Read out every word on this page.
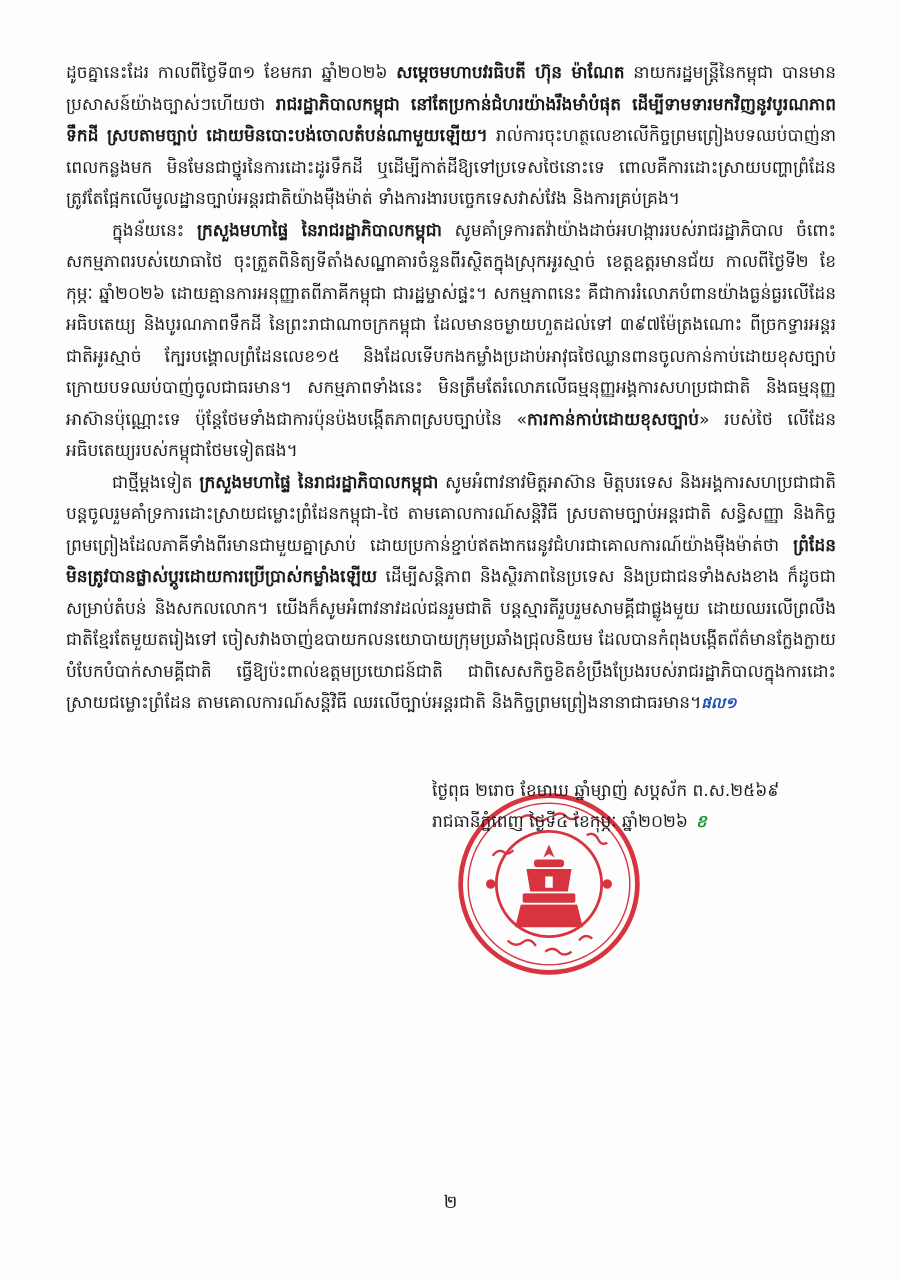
ដូចគ្នានេះដែរ កាលពីថ្ងៃទី៣១ ខែមករា ឆ្នាំ២០២៦ សម្តេចមហាបវរធិបតី ហ៊ុន ម៉ាណែត នាយករដ្ឋមន្ត្រីនៃកម្ពុជា បានមានប្រសាសន៍យ៉ាងច្បាស់ៗហើយថា រាជរដ្ឋាភិបាលកម្ពុជា នៅតែប្រកាន់ជំហរយ៉ាងរឹងមាំបំផុត ដើម្បីទាមទារមកវិញនូវបូរណភាពទឹកដី ស្របតាមច្បាប់ ដោយមិនបោះបង់ចោលតំបន់ណាមួយឡើយ។ រាល់ការចុះហត្ថលេខាលើកិច្ចព្រមព្រៀងបទឈប់បាញ់នាពេលកន្លងមក មិនមែនជាថ្នូរនៃការដោះដូរទឹកដី ឬដើម្បីកាត់ដីឱ្យទៅប្រទេសថៃនោះទេ ពោលគឺការដោះស្រាយបញ្ហាព្រំដែន ត្រូវតែផ្អែកលើមូលដ្ឋានច្បាប់អន្តរជាតិយ៉ាងម៉ឺងម៉ាត់ ទាំងការងារបច្ចេកទេសវាស់វែង និងការគ្រប់គ្រង។

ក្នុងន័យនេះ ក្រសួងមហាផ្ទៃ នៃរាជរដ្ឋាភិបាលកម្ពុជា សូមគាំទ្រការតវ៉ាយ៉ាងដាច់អហង្ការរបស់រាជរដ្ឋាភិបាល ចំពោះសកម្មភាពរបស់យោធាថៃ ចុះត្រួតពិនិត្យទីតាំងសណ្ឋាគារចំនួនពីរស្ថិតក្នុងស្រុកអូរស្មាច់ ខេត្តឧត្តរមានជ័យ កាលពីថ្ងៃទី២ ខែកុម្ភៈ ឆ្នាំ២០២៦ ដោយគ្មានការអនុញ្ញាតពីភាគីកម្ពុជា ជារដ្ឋម្ចាស់ផ្ទះ។ សកម្មភាពនេះ គឺជាការរំលោភបំពានយ៉ាងធ្ងន់ធ្ងរលើដែនអធិបតេយ្យ និងបូរណភាពទឹកដី នៃព្រះរាជាណាចក្រកម្ពុជា ដែលមានចម្ងាយហួតដល់ទៅ ៣៩៧ម៉ែត្រងណោះ ពីច្រកទ្វារអន្តរជាតិអូរស្មាច់ ក្បែរបង្គោលព្រំដែនលេខ១៥ និងដែលទើបកងកម្លាំងប្រដាប់អាវុធថៃឈ្លានពានចូលកាន់កាប់ដោយខុសច្បាប់ ក្រោយបទឈប់បាញ់ចូលជាធរមាន។ សកម្មភាពទាំងនេះ មិនត្រឹមតែរំលោភលើធម្មនុញ្ញអង្គការសហប្រជាជាតិ និងធម្មនុញ្ញអាស៊ានប៉ុណ្ណោះទេ ប៉ុន្តែថែមទាំងជាការប៉ុនប៉ងបង្កើតភាពស្របច្បាប់នៃ «ការកាន់កាប់ដោយខុសច្បាប់» របស់ថៃ លើដែនអធិបតេយ្យរបស់កម្ពុជាថែមទៀតផង។

ជាថ្មីម្តងទៀត ក្រសួងមហាផ្ទៃ នៃរាជរដ្ឋាភិបាលកម្ពុជា សូមអំពាវនាវមិត្តអាស៊ាន មិត្តបរទេស និងអង្គការសហប្រជាជាតិ បន្តចូលរួមគាំទ្រការដោះស្រាយជម្លោះព្រំដែនកម្ពុជា-ថៃ តាមគោលការណ៍សន្តិវិធី ស្របតាមច្បាប់អន្តរជាតិ សន្ធិសញ្ញា និងកិច្ចព្រមព្រៀងដែលភាគីទាំងពីរមានជាមួយគ្នាស្រាប់ ដោយប្រកាន់ខ្ជាប់ឥតងាករេនូវជំហរជាគោលការណ៍យ៉ាងម៉ឺងម៉ាត់ថា ព្រំដែនមិនត្រូវបានផ្លាស់ប្តូរដោយការប្រើប្រាស់កម្លាំងឡើយ ដើម្បីសន្តិភាព និងស្ថិរភាពនៃប្រទេស និងប្រជាជនទាំងសងខាង ក៏ដូចជាសម្រាប់តំបន់ និងសកលលោក។ យើងក៏សូមអំពាវនាវដល់ជនរួមជាតិ បន្តស្មារតីរួបរួមសាមគ្គីជាផ្លូងមួយ ដោយឈរលើព្រលឹងជាតិខ្មែរតែមួយតរៀងទៅ ចៀសវាងចាញ់ឧបាយកលនយោបាយក្រុមប្រឆាំងជ្រុលនិយម ដែលបានកំពុងបង្កើតព័ត៌មានក្លែងក្លាយ បំបែកបំបាក់សាមគ្គីជាតិ ធ្វើឱ្យប៉ះពាល់ឧត្តមប្រយោជន៍ជាតិ ជាពិសេសកិច្ចខិតខំប្រឹងប្រែងរបស់រាជរដ្ឋាភិបាលក្នុងការដោះស្រាយជម្លោះព្រំដែន តាមគោលការណ៍សន្តិវិធី ឈរលើច្បាប់អន្តរជាតិ និងកិច្ចព្រមព្រៀងនានាជាធរមាន។ផល១

ថ្ងៃពុធ ២រោច ខែមាឃ ឆ្នាំម្សាញ់ សប្តស័ក ព.ស.២៥៦៩
រាជធានីភ្នំពេញ ថ្ងៃទី៤ ខែកុម្ភៈ ឆ្នាំ២០២៦ ខ
២
